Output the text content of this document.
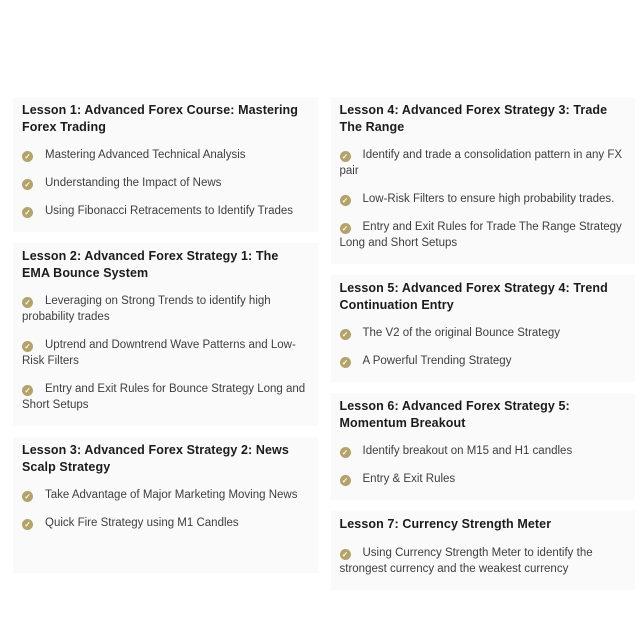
Lesson 1: Advanced Forex Course: Mastering Forex Trading
✓ Mastering Advanced Technical Analysis
✓ Understanding the Impact of News
✓ Using Fibonacci Retracements to Identify Trades
Lesson 2: Advanced Forex Strategy 1: The EMA Bounce System
✓ Leveraging on Strong Trends to identify high probability trades
✓ Uptrend and Downtrend Wave Patterns and Low-Risk Filters
✓ Entry and Exit Rules for Bounce Strategy Long and Short Setups
Lesson 3: Advanced Forex Strategy 2: News Scalp Strategy
✓ Take Advantage of Major Marketing Moving News
✓ Quick Fire Strategy using M1 Candles
Lesson 4: Advanced Forex Strategy 3: Trade The Range
✓ Identify and trade a consolidation pattern in any FX pair
✓ Low-Risk Filters to ensure high probability trades.
✓ Entry and Exit Rules for Trade The Range Strategy Long and Short Setups
Lesson 5: Advanced Forex Strategy 4: Trend Continuation Entry
✓ The V2 of the original Bounce Strategy
✓ A Powerful Trending Strategy
Lesson 6: Advanced Forex Strategy 5: Momentum Breakout
✓ Identify breakout on M15 and H1 candles
✓ Entry & Exit Rules
Lesson 7: Currency Strength Meter
✓ Using Currency Strength Meter to identify the strongest currency and the weakest currency
